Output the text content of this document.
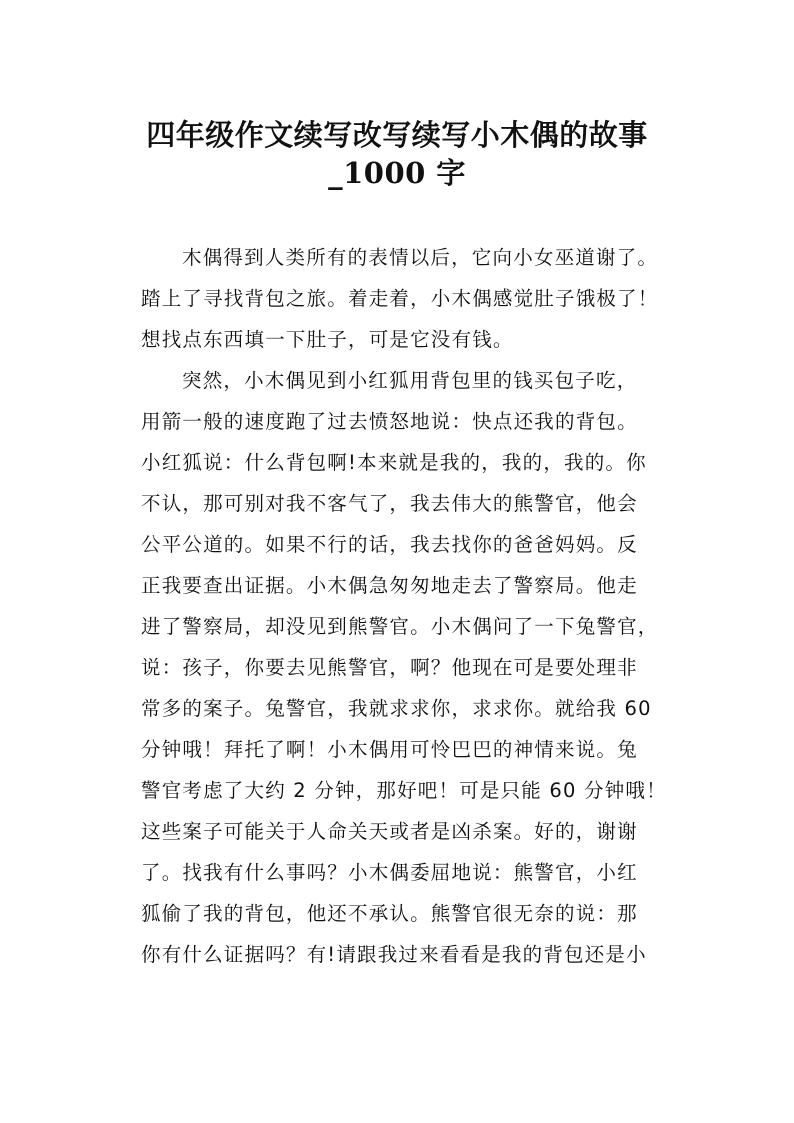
四年级作文续写改写续写小木偶的故事
_1000 字
木偶得到人类所有的表情以后，它向小女巫道谢了。
踏上了寻找背包之旅。着走着，小木偶感觉肚子饿极了！
想找点东西填一下肚子，可是它没有钱。
突然，小木偶见到小红狐用背包里的钱买包子吃，
用箭一般的速度跑了过去愤怒地说：快点还我的背包。
小红狐说：什么背包啊!本来就是我的，我的，我的。你
不认，那可别对我不客气了，我去伟大的熊警官，他会
公平公道的。如果不行的话，我去找你的爸爸妈妈。反
正我要查出证据。小木偶急匆匆地走去了警察局。他走
进了警察局，却没见到熊警官。小木偶问了一下兔警官，
说：孩子，你要去见熊警官，啊？他现在可是要处理非
常多的案子。兔警官，我就求求你，求求你。就给我 60
分钟哦！拜托了啊！小木偶用可怜巴巴的神情来说。兔
警官考虑了大约 2 分钟，那好吧！可是只能 60 分钟哦！
这些案子可能关于人命关天或者是凶杀案。好的，谢谢
了。找我有什么事吗？小木偶委屈地说：熊警官，小红
狐偷了我的背包，他还不承认。熊警官很无奈的说：那
你有什么证据吗？有!请跟我过来看看是我的背包还是小
